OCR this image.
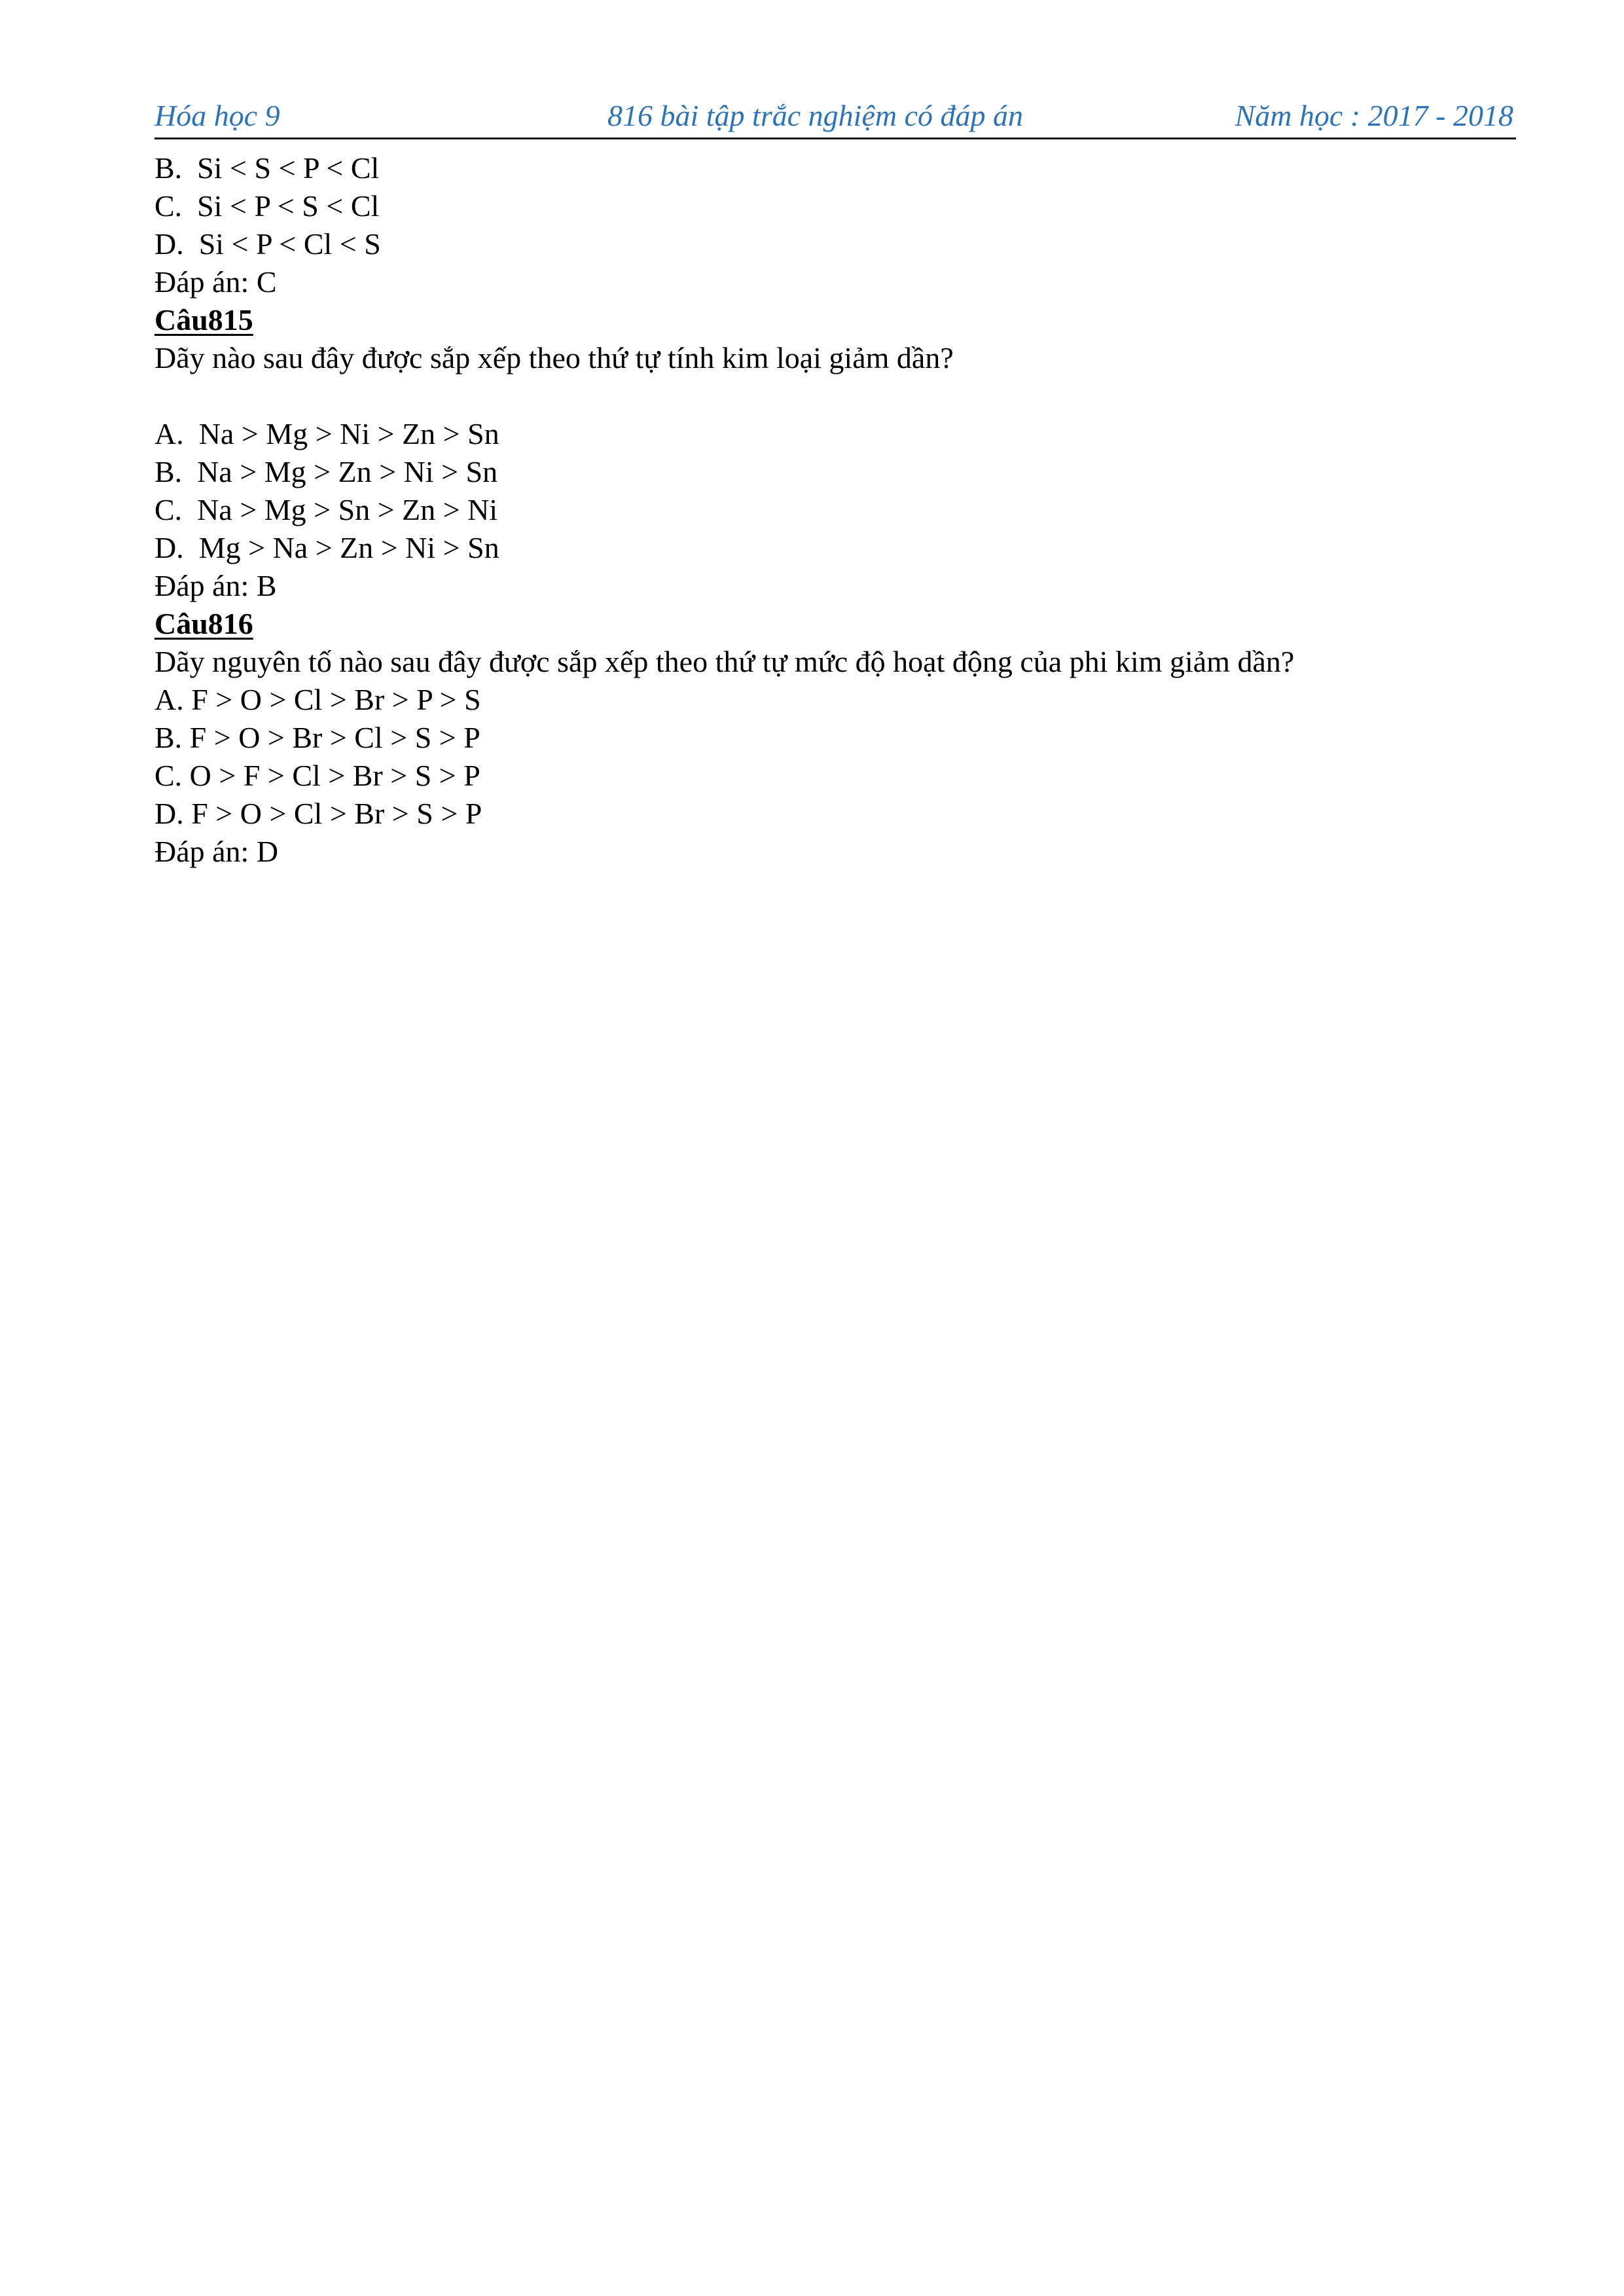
Hóa học 9	816 bài tập trắc nghiệm có đáp án	Năm học : 2017 - 2018
B.  Si < S < P < Cl
C.  Si < P < S < Cl
D.  Si < P < Cl < S
Đáp án: C
Câu815
Dãy nào sau đây được sắp xếp theo thứ tự tính kim loại giảm dần?
A.  Na > Mg > Ni > Zn > Sn
B.  Na > Mg > Zn > Ni > Sn
C.  Na > Mg > Sn > Zn > Ni
D.  Mg > Na > Zn > Ni > Sn
Đáp án: B
Câu816
Dãy nguyên tố nào sau đây được sắp xếp theo thứ tự mức độ hoạt động của phi kim giảm dần?
A. F > O > Cl > Br > P > S
B. F > O > Br > Cl > S > P
C. O > F > Cl > Br > S > P
D. F > O > Cl > Br > S > P
Đáp án: D
